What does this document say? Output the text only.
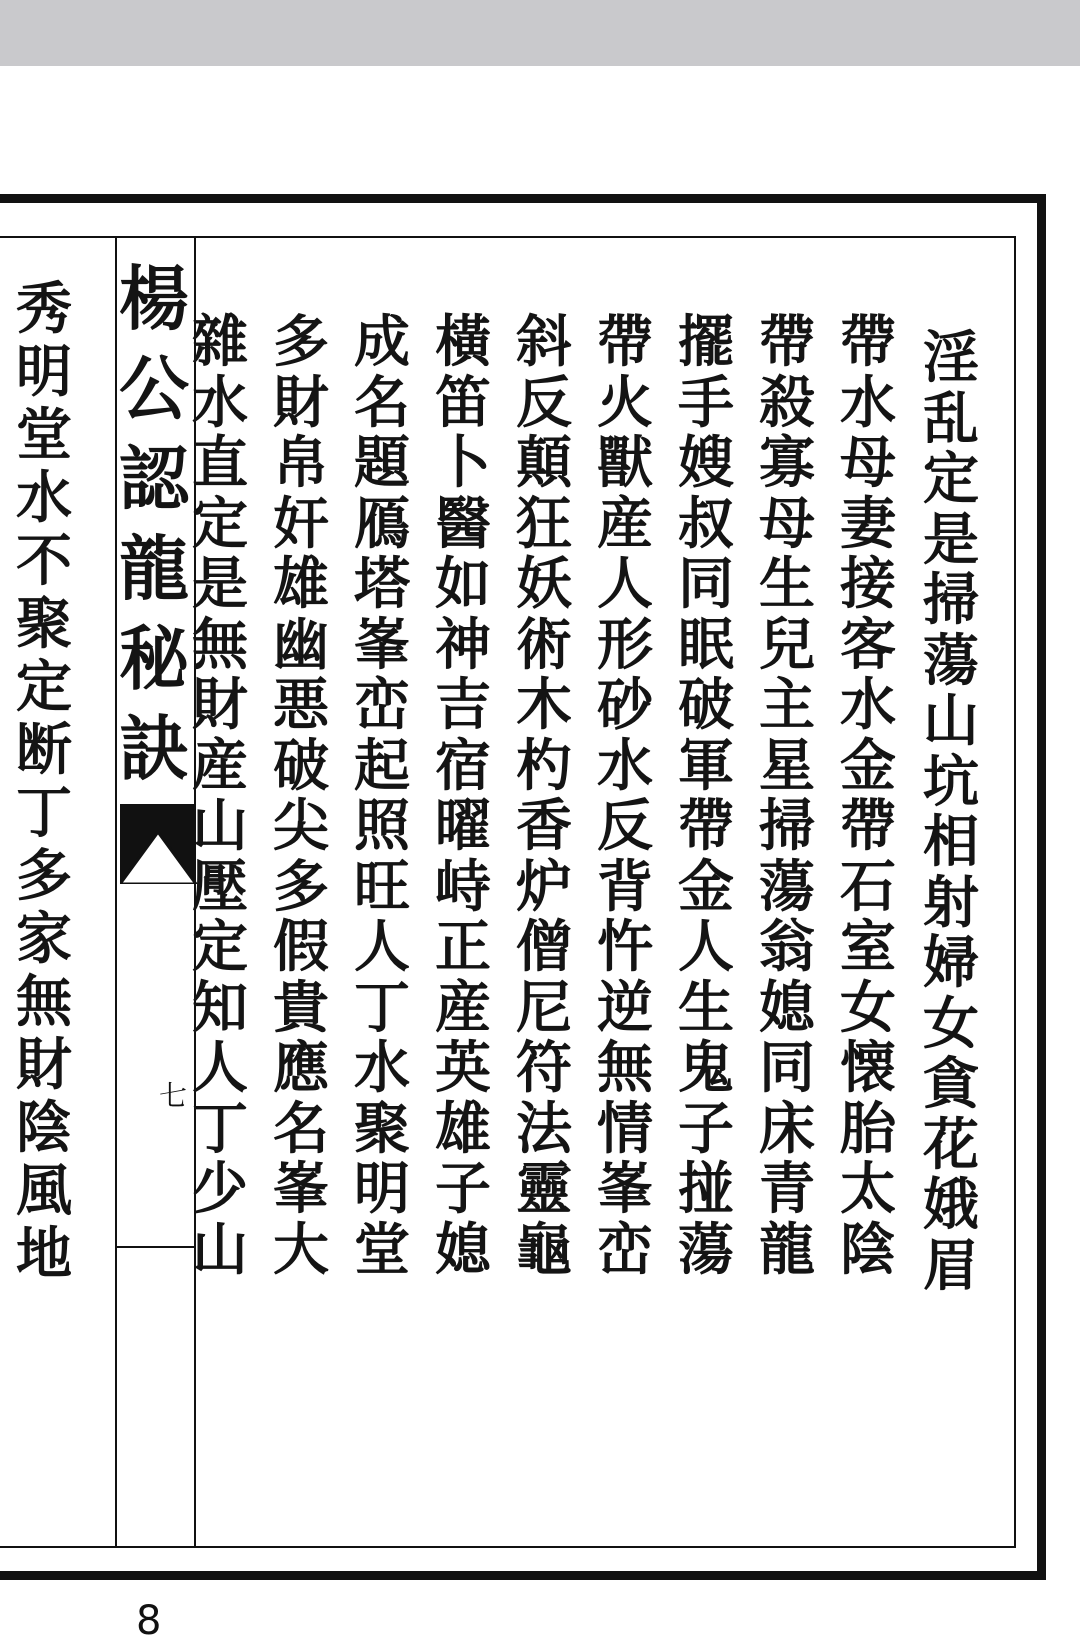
秀
明
堂
水
不
聚
定
断
丁
多
家
無
財
陰
風
地
楊
公
認
龍
秘
訣
七
淫
乱
定
是
掃
蕩
山
坑
相
射
婦
女
貪
花
娥
眉
帶
水
母
妻
接
客
水
金
帶
石
室
女
懐
胎
太
陰
帶
殺
寡
母
生
兒
主
星
掃
蕩
翁
媳
同
床
青
龍
擺
手
嫂
叔
同
眠
破
軍
帶
金
人
生
鬼
子
掽
蕩
帶
火
獸
産
人
形
砂
水
反
背
忤
逆
無
情
峯
峦
斜
反
顛
狂
妖
術
木
杓
香
炉
僧
尼
符
法
靈
龜
橫
笛
卜
醫
如
神
吉
宿
曜
峙
正
産
英
雄
子
媳
成
名
題
鴈
塔
峯
峦
起
照
旺
人
丁
水
聚
明
堂
多
財
帛
奸
雄
幽
悪
破
尖
多
假
貴
應
名
峯
大
雜
水
直
定
是
無
財
産
山
壓
定
知
人
丁
少
山
8
